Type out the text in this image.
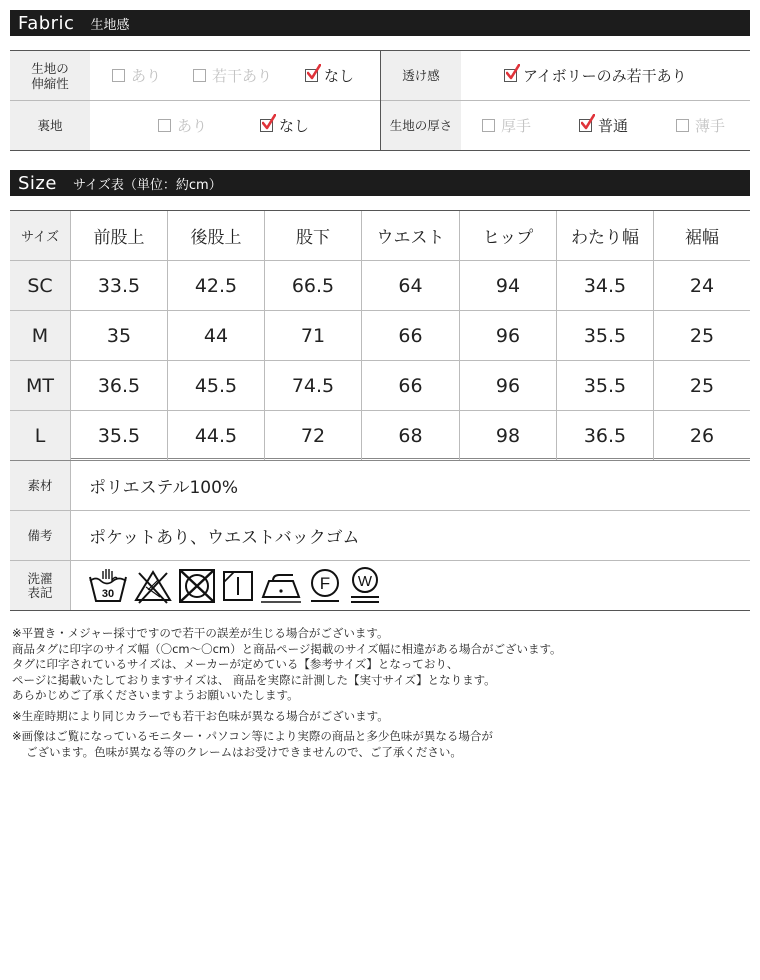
Fabric 生地感
生地の
伸縮性	あり	若干あり	なし	透け感	アイボリーのみ若干あり
裏地	あり	なし	生地の厚さ	厚手	普通	薄手
Size サイズ表（単位：約cm）
サイズ	前股上	後股上	股下	ウエスト	ヒップ	わたり幅	裾幅
SC	33.5	42.5	66.5	64	94	34.5	24
M	35	44	71	66	96	35.5	25
MT	36.5	45.5	74.5	66	96	35.5	25
L	35.5	44.5	72	68	98	36.5	26
素材	ポリエステル100%
備考	ポケットあり、ウエストバックゴム
洗濯
表記	30
F W

※平置き・メジャー採寸ですので若干の誤差が生じる場合がございます。

商品タグに印字のサイズ幅（〇cm〜〇cm）と商品ページ掲載のサイズ幅に相違がある場合がございます。

タグに印字されているサイズは、メーカーが定めている【参考サイズ】となっており、

ページに掲載いたしておりますサイズは、 商品を実際に計測した【実寸サイズ】となります。

あらかじめご了承くださいますようお願いいたします。

※生産時期により同じカラーでも若干お色味が異なる場合がございます。

※画像はご覧になっているモニター・パソコン等により実際の商品と多少色味が異なる場合が

ございます。色味が異なる等のクレームはお受けできませんので、ご了承ください。
